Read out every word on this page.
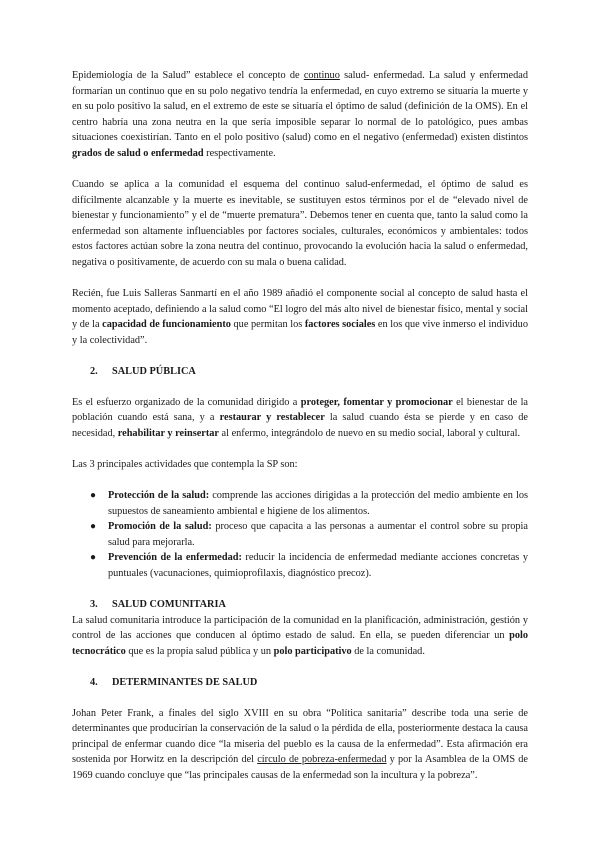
Epidemiología de la Salud” establece el concepto de continuo salud- enfermedad. La salud y enfermedad formarían un continuo que en su polo negativo tendría la enfermedad, en cuyo extremo se situaría la muerte y en su polo positivo la salud, en el extremo de este se situaría el óptimo de salud (definición de la OMS). En el centro habría una zona neutra en la que sería imposible separar lo normal de lo patológico, pues ambas situaciones coexistirían. Tanto en el polo positivo (salud) como en el negativo (enfermedad) existen distintos grados de salud o enfermedad respectivamente.

Cuando se aplica a la comunidad el esquema del continuo salud-enfermedad, el óptimo de salud es difícilmente alcanzable y la muerte es inevitable, se sustituyen estos términos por el de “elevado nivel de bienestar y funcionamiento” y el de “muerte prematura”. Debemos tener en cuenta que, tanto la salud como la enfermedad son altamente influenciables por factores sociales, culturales, económicos y ambientales: todos estos factores actúan sobre la zona neutra del continuo, provocando la evolución hacia la salud o enfermedad, negativa o positivamente, de acuerdo con su mala o buena calidad.

Recién, fue Luis Salleras Sanmartí en el año 1989 añadió el componente social al concepto de salud hasta el momento aceptado, definiendo a la salud como “El logro del más alto nivel de bienestar físico, mental y social y de la capacidad de funcionamiento que permitan los factores sociales en los que vive inmerso el individuo y la colectividad”.

2. SALUD PÚBLICA

Es el esfuerzo organizado de la comunidad dirigido a proteger, fomentar y promocionar el bienestar de la población cuando está sana, y a restaurar y restablecer la salud cuando ésta se pierde y en caso de necesidad, rehabilitar y reinsertar al enfermo, integrándolo de nuevo en su medio social, laboral y cultural.

Las 3 principales actividades que contempla la SP son:

● Protección de la salud: comprende las acciones dirigidas a la protección del medio ambiente en los supuestos de saneamiento ambiental e higiene de los alimentos.
● Promoción de la salud: proceso que capacita a las personas a aumentar el control sobre su propia salud para mejorarla.
● Prevención de la enfermedad: reducir la incidencia de enfermedad mediante acciones concretas y puntuales (vacunaciones, quimioprofilaxis, diagnóstico precoz).
3. SALUD COMUNITARIA

La salud comunitaria introduce la participación de la comunidad en la planificación, administración, gestión y control de las acciones que conducen al óptimo estado de salud. En ella, se pueden diferenciar un polo tecnocrático que es la propia salud pública y un polo participativo de la comunidad.

4. DETERMINANTES DE SALUD

Johan Peter Frank, a finales del siglo XVIII en su obra “Política sanitaria” describe toda una serie de determinantes que producirían la conservación de la salud o la pérdida de ella, posteriormente destaca la causa principal de enfermar cuando dice “la miseria del pueblo es la causa de la enfermedad”. Esta afirmación era sostenida por Horwitz en la descripción del círculo de pobreza-enfermedad y por la Asamblea de la OMS de 1969 cuando concluye que “las principales causas de la enfermedad son la incultura y la pobreza”.
